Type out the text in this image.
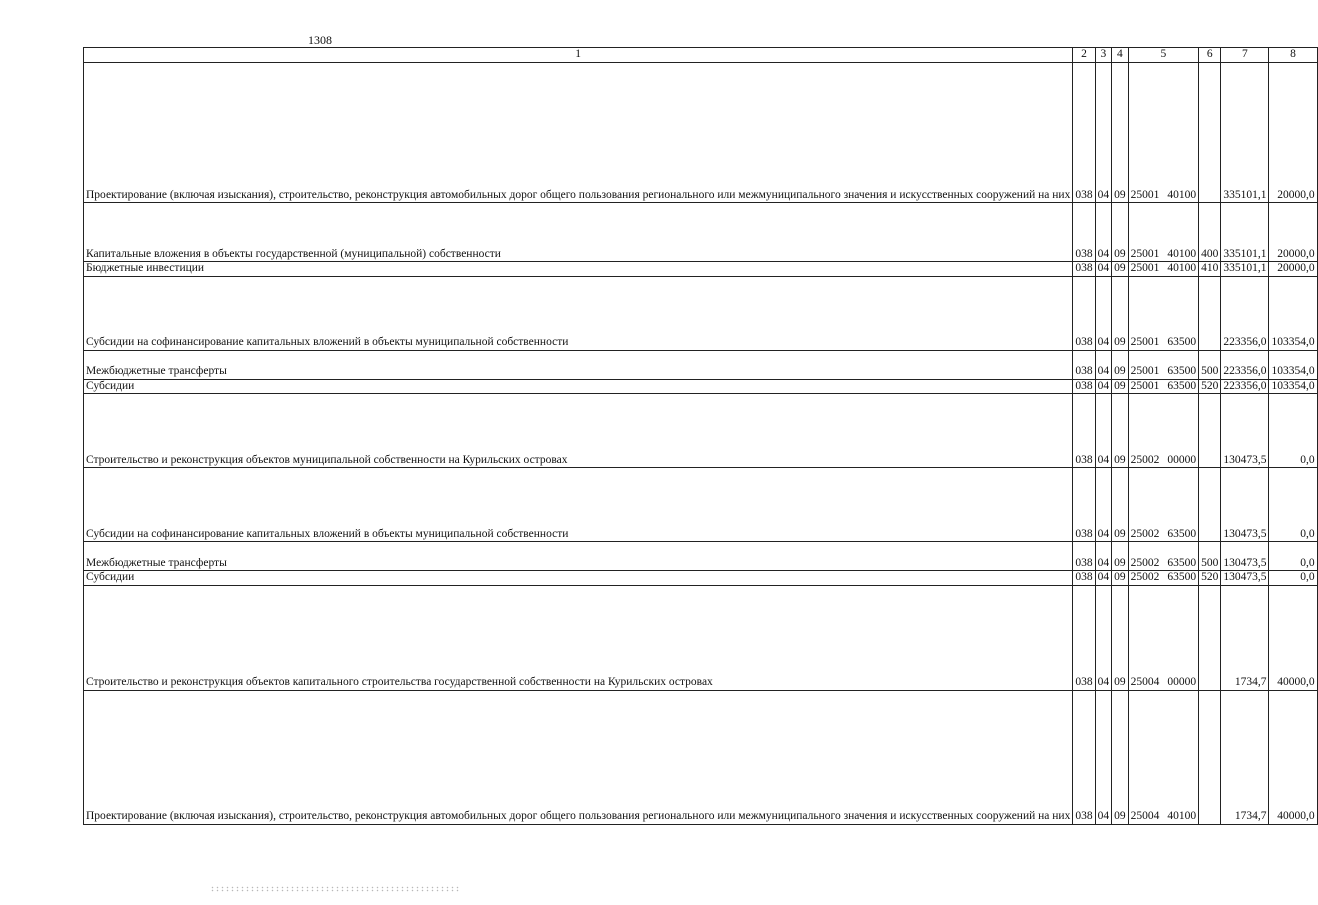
1308
1	2	3	4	5	6	7	8
Проектирование (включая изыскания), строительство, реконструкция автомобильных дорог общего пользования регионального или межмуниципального значения и искусственных сооружений на них	038	04	09	25001 40100		335101,1	20000,0
Капитальные вложения в объекты государственной (муниципальной) собственности	038	04	09	25001 40100	400	335101,1	20000,0
Бюджетные инвестиции	038	04	09	25001 40100	410	335101,1	20000,0
Субсидии на софинансирование капитальных вложений в объекты муниципальной собственности	038	04	09	25001 63500		223356,0	103354,0
Межбюджетные трансферты	038	04	09	25001 63500	500	223356,0	103354,0
Субсидии	038	04	09	25001 63500	520	223356,0	103354,0
Строительство и реконструкция объектов муниципальной собственности на Курильских островах	038	04	09	25002 00000		130473,5	0,0
Субсидии на софинансирование капитальных вложений в объекты муниципальной собственности	038	04	09	25002 63500		130473,5	0,0
Межбюджетные трансферты	038	04	09	25002 63500	500	130473,5	0,0
Субсидии	038	04	09	25002 63500	520	130473,5	0,0
Строительство и реконструкция объектов капитального строительства государственной собственности на Курильских островах	038	04	09	25004 00000		1734,7	40000,0
Проектирование (включая изыскания), строительство, реконструкция автомобильных дорог общего пользования регионального или межмуниципального значения и искусственных сооружений на них	038	04	09	25004 40100		1734,7	40000,0
